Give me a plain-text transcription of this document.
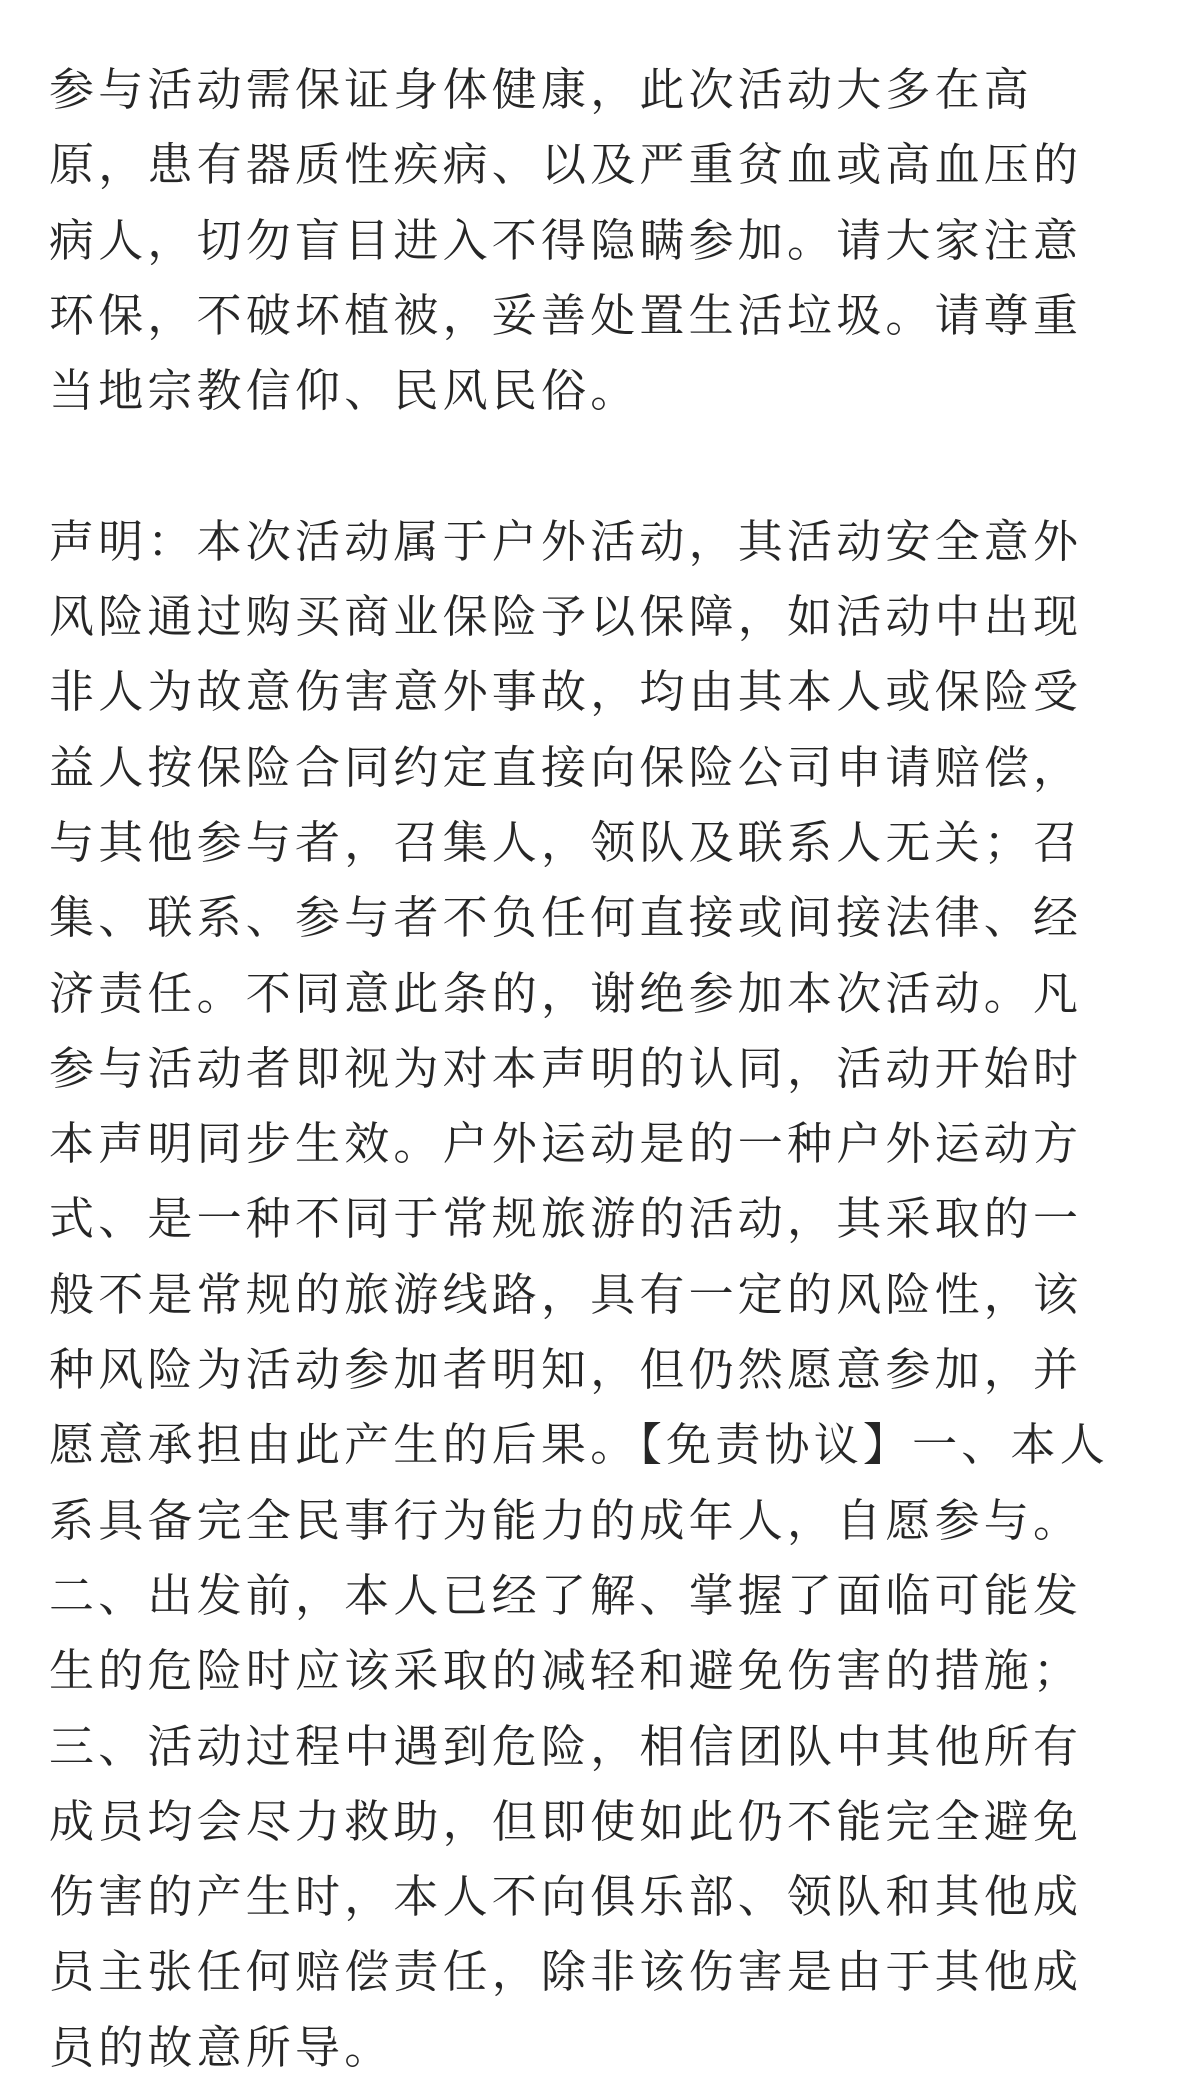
参与活动需保证身体健康，此次活动大多在高原，患有器质性疾病、以及严重贫血或高血压的病人，切勿盲目进入不得隐瞒参加。请大家注意环保，不破坏植被，妥善处置生活垃圾。请尊重当地宗教信仰、民风民俗。

声明：本次活动属于户外活动，其活动安全意外风险通过购买商业保险予以保障，如活动中出现非人为故意伤害意外事故，均由其本人或保险受益人按保险合同约定直接向保险公司申请赔偿，与其他参与者，召集人，领队及联系人无关；召集、联系、参与者不负任何直接或间接法律、经济责任。不同意此条的，谢绝参加本次活动。凡参与活动者即视为对本声明的认同，活动开始时本声明同步生效。户外运动是的一种户外运动方式、是一种不同于常规旅游的活动，其采取的一般不是常规的旅游线路，具有一定的风险性，该种风险为活动参加者明知，但仍然愿意参加，并愿意承担由此产生的后果。【免责协议】一、本人系具备完全民事行为能力的成年人，自愿参与。二、出发前，本人已经了解、掌握了面临可能发生的危险时应该采取的减轻和避免伤害的措施；三、活动过程中遇到危险，相信团队中其他所有成员均会尽力救助，但即使如此仍不能完全避免伤害的产生时，本人不向俱乐部、领队和其他成员主张任何赔偿责任，除非该伤害是由于其他成员的故意所导。
